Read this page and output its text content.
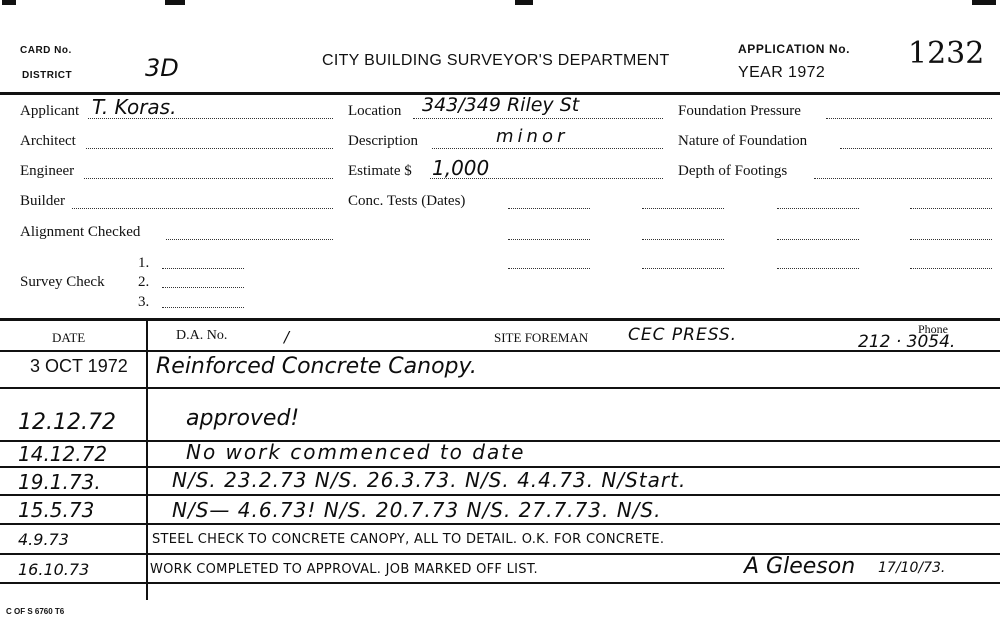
CARD No.
DISTRICT	3D	CITY BUILDING SURVEYOR'S DEPARTMENT
APPLICATION No. 1232
YEAR 1972
Applicant T. Koras.
Architect
Engineer
Builder
Alignment Checked
Survey Check
1.
2.
3.
Location 343/349 Riley St
Description	minor
Estimate $ 1,000
Conc. Tests (Dates)
Foundation Pressure
Nature of Foundation
Depth of Footings
DATE	D.A. No.	/	SITE FOREMAN CEC PRESS.	Phone
212 · 3054.
3 OCT 1972 Reinforced Concrete Canopy.
12.12.72	approved!
14.12.72	No work commenced to date
19.1.73.	N/S. 23.2.73 N/S. 26.3.73. N/S. 4.4.73. N/Start.
15.5.73	N/S— 4.6.73! N/S. 20.7.73 N/S. 27.7.73. N/S.
4.9.73	STEEL CHECK TO CONCRETE CANOPY, ALL TO DETAIL. O.K. FOR CONCRETE.
16.10.73	WORK COMPLETED TO APPROVAL. JOB MARKED OFF LIST.	A Gleeson 17/10/73.
C OF S 6760 T6
